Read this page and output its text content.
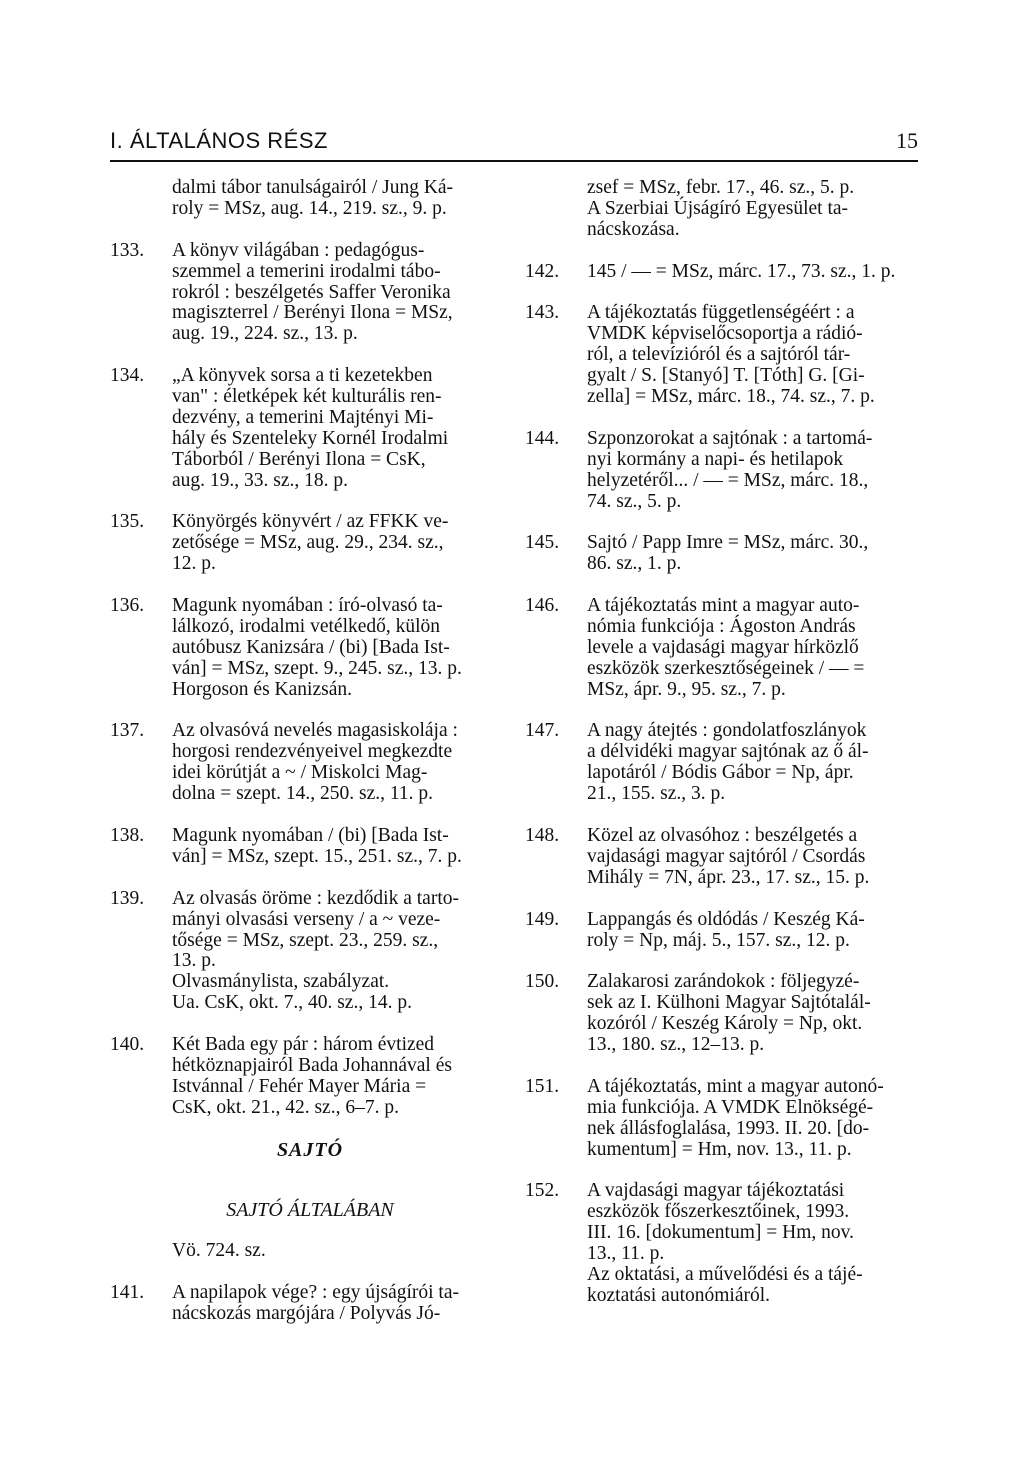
I. ÁLTALÁNOS RÉSZ	15
dalmi tábor tanulságairól / Jung Ká-
roly = MSz, aug. 14., 219. sz., 9. p.
133.	A könyv világában : pedagógus-
szemmel a temerini irodalmi tábo-
rokról : beszélgetés Saffer Veronika
magiszterrel / Berényi Ilona = MSz,
aug. 19., 224. sz., 13. p.
134.	„A könyvek sorsa a ti kezetekben
van" : életképek két kulturális ren-
dezvény, a temerini Majtényi Mi-
hály és Szenteleky Kornél Irodalmi
Táborból / Berényi Ilona = CsK,
aug. 19., 33. sz., 18. p.
135.	Könyörgés könyvért / az FFKK ve-
zetősége = MSz, aug. 29., 234. sz.,
12. p.
136.	Magunk nyomában : író-olvasó ta-
lálkozó, irodalmi vetélkedő, külön
autóbusz Kanizsára / (bi) [Bada Ist-
ván] = MSz, szept. 9., 245. sz., 13. p.
Horgoson és Kanizsán.
137.	Az olvasóvá nevelés magasiskolája :
horgosi rendezvényeivel megkezdte
idei körútját a ~ / Miskolci Mag-
dolna = szept. 14., 250. sz., 11. p.
138.	Magunk nyomában / (bi) [Bada Ist-
ván] = MSz, szept. 15., 251. sz., 7. p.
139.	Az olvasás öröme : kezdődik a tarto-
mányi olvasási verseny / a ~ veze-
tősége = MSz, szept. 23., 259. sz.,
13. p.
Olvasmánylista, szabályzat.
Ua. CsK, okt. 7., 40. sz., 14. p.
140.	Két Bada egy pár : három évtized
hétköznapjairól Bada Johannával és
Istvánnal / Fehér Mayer Mária =
CsK, okt. 21., 42. sz., 6–7. p.
SAJTÓ
SAJTÓ ÁLTALÁBAN
Vö. 724. sz.
141.	A napilapok vége? : egy újságírói ta-
nácskozás margójára / Polyvás Jó-
zsef = MSz, febr. 17., 46. sz., 5. p.
A Szerbiai Újságíró Egyesület ta-
nácskozása.
142.	145 / — = MSz, márc. 17., 73. sz., 1. p.
143.	A tájékoztatás függetlenségéért : a
VMDK képviselőcsoportja a rádió-
ról, a televízióról és a sajtóról tár-
gyalt / S. [Stanyó] T. [Tóth] G. [Gi-
zella] = MSz, márc. 18., 74. sz., 7. p.
144.	Szponzorokat a sajtónak : a tartomá-
nyi kormány a napi- és hetilapok
helyzetéről... / — = MSz, márc. 18.,
74. sz., 5. p.
145.	Sajtó / Papp Imre = MSz, márc. 30.,
86. sz., 1. p.
146.	A tájékoztatás mint a magyar auto-
nómia funkciója : Ágoston András
levele a vajdasági magyar hírközlő
eszközök szerkesztőségeinek / — =
MSz, ápr. 9., 95. sz., 7. p.
147.	A nagy átejtés : gondolatfoszlányok
a délvidéki magyar sajtónak az ő ál-
lapotáról / Bódis Gábor = Np, ápr.
21., 155. sz., 3. p.
148.	Közel az olvasóhoz : beszélgetés a
vajdasági magyar sajtóról / Csordás
Mihály = 7N, ápr. 23., 17. sz., 15. p.
149.	Lappangás és oldódás / Keszég Ká-
roly = Np, máj. 5., 157. sz., 12. p.
150.	Zalakarosi zarándokok : följegyzé-
sek az I. Külhoni Magyar Sajtótalál-
kozóról / Keszég Károly = Np, okt.
13., 180. sz., 12–13. p.
151.	A tájékoztatás, mint a magyar autonó-
mia funkciója. A VMDK Elnökségé-
nek állásfoglalása, 1993. II. 20. [do-
kumentum] = Hm, nov. 13., 11. p.
152.	A vajdasági magyar tájékoztatási
eszközök főszerkesztőinek, 1993.
III. 16. [dokumentum] = Hm, nov.
13., 11. p.
Az oktatási, a művelődési és a tájé-
koztatási autonómiáról.
